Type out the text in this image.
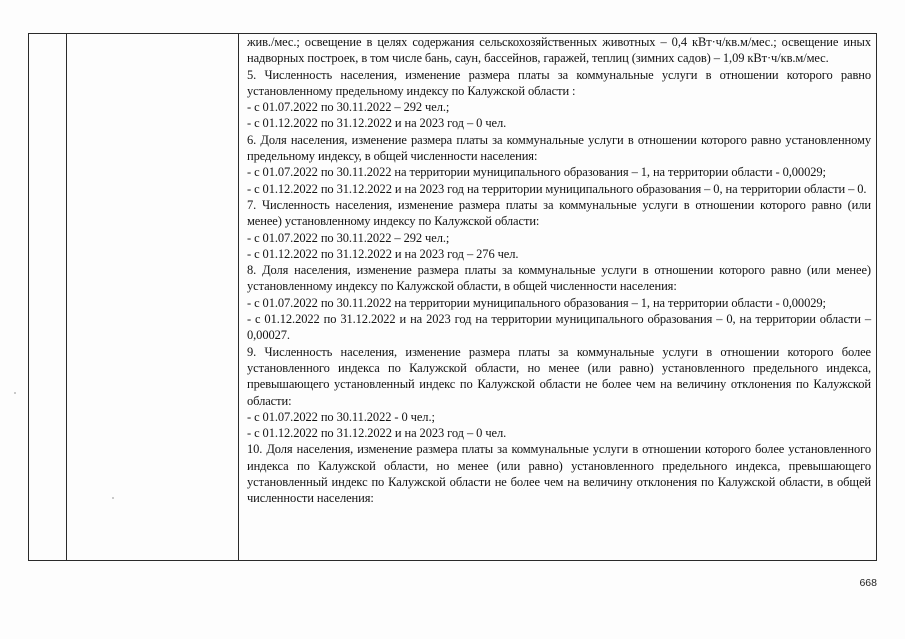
жив./мес.; освещение в целях содержания сельскохозяйственных животных – 0,4 кВт·ч/кв.м/мес.; освещение иных надворных построек, в том числе бань, саун, бассейнов, гаражей, теплиц (зимних садов) – 1,09 кВт·ч/кв.м/мес.

5. Численность населения, изменение размера платы за коммунальные услуги в отношении которого равно установленному предельному индексу по Калужской области :

- с 01.07.2022 по 30.11.2022 – 292 чел.;

- с 01.12.2022 по 31.12.2022 и на 2023 год – 0 чел.

6. Доля населения, изменение размера платы за коммунальные услуги в отношении которого равно установленному предельному индексу, в общей численности населения:

- с 01.07.2022 по 30.11.2022 на территории муниципального образования – 1, на территории области - 0,00029;

- с 01.12.2022 по 31.12.2022 и на 2023 год на территории муниципального образования – 0, на территории области – 0.

7. Численность населения, изменение размера платы за коммунальные услуги в отношении которого равно (или менее) установленному индексу по Калужской области:

- с 01.07.2022 по 30.11.2022 – 292 чел.;

- с 01.12.2022 по 31.12.2022 и на 2023 год – 276 чел.

8. Доля населения, изменение размера платы за коммунальные услуги в отношении которого равно (или менее) установленному индексу по Калужской области, в общей численности населения:

- с 01.07.2022 по 30.11.2022 на территории муниципального образования – 1, на территории области - 0,00029;

- с 01.12.2022 по 31.12.2022 и на 2023 год на территории муниципального образования – 0, на территории области – 0,00027.

9. Численность населения, изменение размера платы за коммунальные услуги в отношении которого более установленного индекса по Калужской области, но менее (или равно) установленного предельного индекса, превышающего установленный индекс по Калужской области не более чем на величину отклонения по Калужской области:

- с 01.07.2022 по 30.11.2022 - 0 чел.;

- с 01.12.2022 по 31.12.2022 и на 2023 год – 0 чел.

10. Доля населения, изменение размера платы за коммунальные услуги в отношении которого более установленного индекса по Калужской области, но менее (или равно) установленного предельного индекса, превышающего установленный индекс по Калужской области не более чем на величину отклонения по Калужской области, в общей численности населения:

668
